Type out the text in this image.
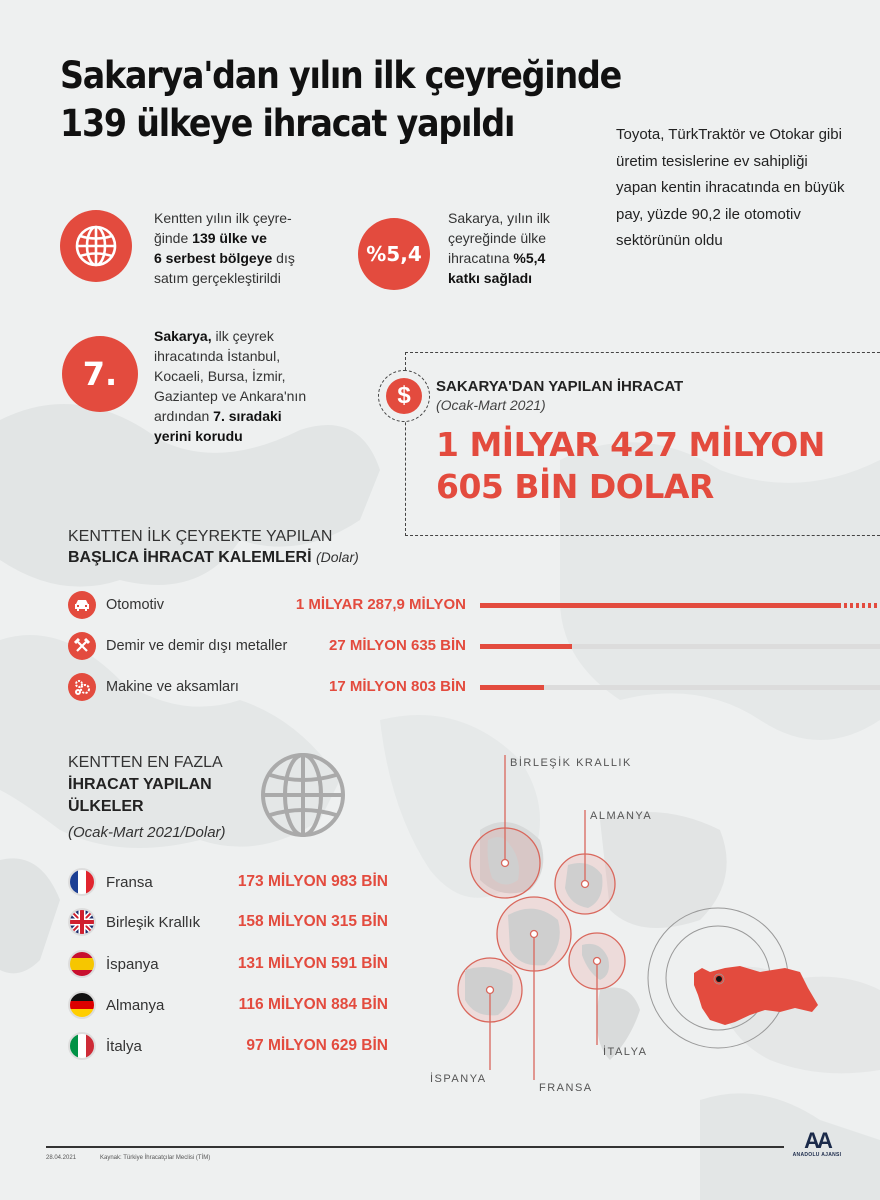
Sakarya'dan yılın ilk çeyreğinde
139 ülkeye ihracat yapıldı	Toyota, TürkTraktör ve Otokar gibi üretim tesislerine ev sahipliği yapan kentin ihracatında en büyük pay, yüzde 90,2 ile otomotiv sektörünün oldu
Kentten yılın ilk çeyre-
ğinde 139 ülke ve
6 serbest bölgeye dış
satım gerçekleştirildi
%5,4
Sakarya, yılın ilk
çeyreğinde ülke
ihracatına %5,4
katkı sağladı
7.
Sakarya, ilk çeyrek
ihracatında İstanbul,
Kocaeli, Bursa, İzmir,
Gaziantep ve Ankara'nın
ardından 7. sıradaki
yerini korudu
$	SAKARYA'DAN YAPILAN İHRACAT
(Ocak-Mart 2021)
1 MİLYAR 427 MİLYON
605 BİN DOLAR
KENTTEN İLK ÇEYREKTE YAPILAN
BAŞLICA İHRACAT KALEMLERİ (Dolar)
Otomotiv	1 MİLYAR 287,9 MİLYON
Demir ve demir dışı metaller	27 MİLYON 635 BİN
Makine ve aksamları	17 MİLYON 803 BİN
KENTTEN EN FAZLA
İHRACAT YAPILAN
ÜLKELER
(Ocak-Mart 2021/Dolar)
Fransa	173 MİLYON 983 BİN
Birleşik Krallık 158 MİLYON 315 BİN
İspanya	131 MİLYON 591 BİN
Almanya	116 MİLYON 884 BİN
İtalya	97 MİLYON 629 BİN
BİRLEŞİK KRALLIK
ALMANYA
İTALYA
İSPANYA
FRANSA
28.04.2021	Kaynak: Türkiye İhracatçılar Meclisi (TİM)
AA
ANADOLU AJANSI
